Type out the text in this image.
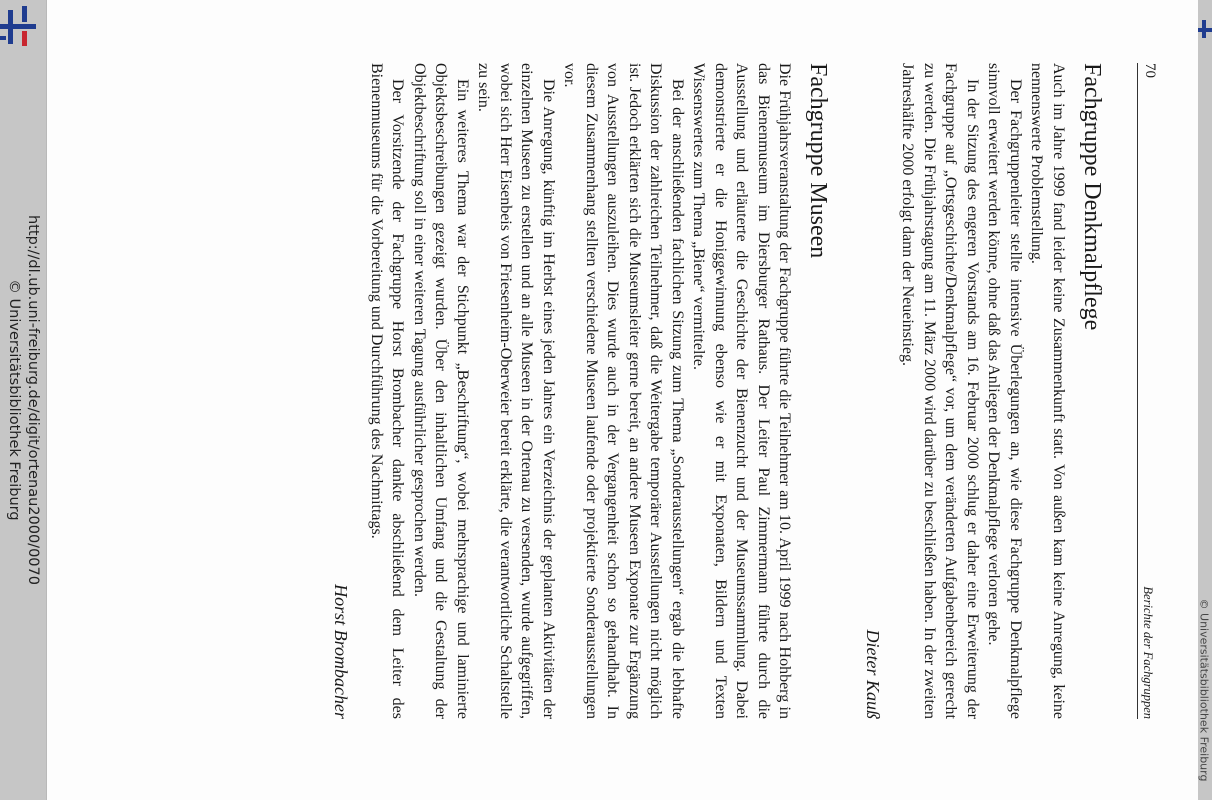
http://dl.ub.uni-freiburg.de/digit/ortenau2000/0070
© Universitätsbibliothek Freiburg
© Universitätsbibliothek Freiburg
70
Berichte der Fachgruppen
Fachgruppe Denkmalpflege

Auch im Jahre 1999 fand leider keine Zusammenkunft statt. Von außen kam keine Anregung, keine nennenswerte Problemstellung.

Der Fachgruppenleiter stellte intensive Überlegungen an, wie diese Fachgruppe Denkmalpflege sinnvoll erweitert werden könne, ohne daß das Anliegen der Denkmalpflege verloren gehe.

In der Sitzung des engeren Vorstands am 16. Februar 2000 schlug er daher eine Erweiterung der Fachgruppe auf „Ortsgeschichte/Denkmalpflege“ vor, um dem veränderten Aufgabenbereich gerecht zu werden. Die Frühjahrstagung am 11. März 2000 wird darüber zu beschließen haben. In der zweiten Jahreshälfte 2000 erfolgt dann der Neueinstieg.

Dieter Kauß
Fachgruppe Museen

Die Frühjahrsveranstaltung der Fachgruppe führte die Teilnehmer am 10. April 1999 nach Hohberg in das Bienenmuseum im Diersburger Rathaus. Der Leiter Paul Zimmermann führte durch die Ausstellung und erläuterte die Geschichte der Bienenzucht und der Museumssammlung. Dabei demonstrierte er die Honiggewinnung ebenso wie er mit Exponaten, Bildern und Texten Wissenswertes zum Thema „Biene“ vermittelte.

Bei der anschließenden fachlichen Sitzung zum Thema „Sonderausstellungen“ ergab die lebhafte Diskussion der zahlreichen Teilnehmer, daß die Weitergabe temporärer Ausstellungen nicht möglich ist. Jedoch erklärten sich die Museumsleiter gerne bereit, an andere Museen Exponate zur Ergänzung von Ausstellungen auszuleihen. Dies wurde auch in der Vergangenheit schon so gehandhabt. In diesem Zusammenhang stellten verschiedene Museen laufende oder projektierte Sonderausstellungen vor.

Die Anregung, künftig im Herbst eines jeden Jahres ein Verzeichnis der geplanten Aktivitäten der einzelnen Museen zu erstellen und an alle Museen in der Ortenau zu versenden, wurde aufgegriffen, wobei sich Herr Eisenbeis von Friesenheim-Oberweier bereit erklärte, die verantwortliche Schaltstelle zu sein.

Ein weiteres Thema war der Stichpunkt „Beschriftung“, wobei mehrsprachige und laminierte Objektsbeschreibungen gezeigt wurden. Über den inhaltlichen Umfang und die Gestaltung der Objektbeschriftung soll in einer weiteren Tagung ausführlicher gesprochen werden.

Der Vorsitzende der Fachgruppe Horst Brombacher dankte abschließend dem Leiter des Bienenmuseums für die Vorbereitung und Durchführung des Nachmittags.

Horst Brombacher
